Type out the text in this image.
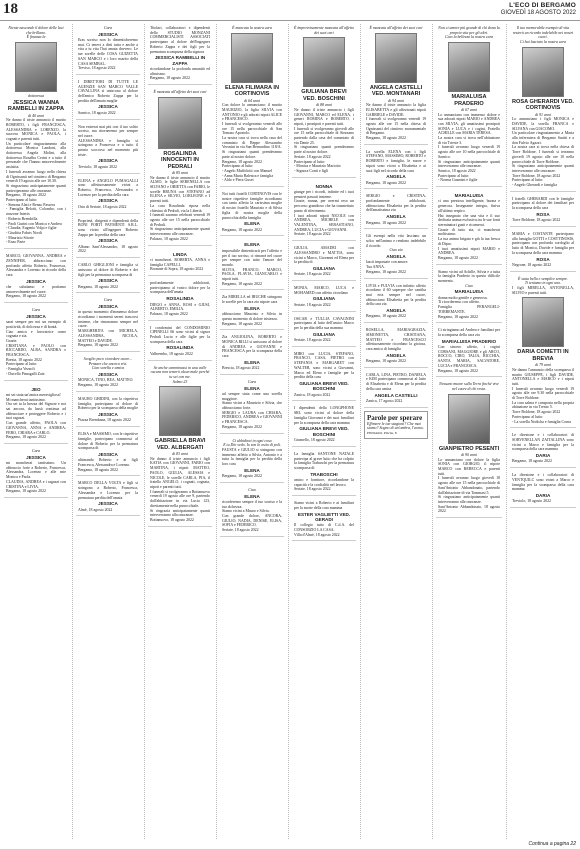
18	L'ECO DI BERGAMO
GIOVEDÌ 18 AGOSTO 2022
Niente nasconde il dolore delle luci che brillano.
È finanza la
dottoressa
JESSICA WANNA RAMBELLI IN ZAPPA
di 40 anni
Ne danno il triste annuncio il marito ROBERTO, i figli FRANCESCA, ALESSANDRA e LORENZO, la suocera MONICA e PAOLA, i cognati e parenti tutti.
Un particolare ringraziamento alla dottoressa Monica Landoni, alla dottoressa Angela Molini, alla dottoressa Rosalba Cerini e a tutto il personale che l'hanno amorevolmente assistita.
I funerali avranno luogo nella chiesa di Ognissanti nel cimitero di Bergamo venerdì 19 agosto alle ore 10.30.
Si ringraziano anticipatamente quanti parteciperanno alle onoranze.
Bergamo, 18 agosto 2022
Partecipano al lutto:
- Simona Alati e Renzo Passera
- Famiglia Belotti, Colombo, con i ronzone Interix
- Roberto Brembilla
- Paoli Gurini con Monica e Andrea
- Claudia, Eugenio Volpi e figlie
- Giuditta Fabris Nordi
- Maurizio Stiorie
- Enzo Parte
MARCO, GIOVANNA, ANDREA e ZENNIFER, abbracciano con profondo affetto Roberto, Francesca, Alessandra e Lorenzo in ricordo della cara
JESSICA
che salutiamo e portiamo amorevolmente nel cuore.
Bergamo, 18 agosto 2022
Cara
JESSICA
sarai sempre per noi un esempio di positività, di dolcezza e di bontà.
Ciao amica e lavoratrice come cognata e zia.
Grazie.
CRISTIANA e PAOLO con RICCARDO, ALBA, SANDRA e FRANCESCA.
Brezia, 18 agosto 2022
Partecipano al lutto:
- Famiglia Vezzoli
- Duvello Pimagalli Zaiz
JEO
mi sei stata un'amica meravigliosa!
Mi mancherai tantissimo.
Ora sei tu la brezza del Signore e noi sai ancora, da lassù continua ad abbracciare e proteggere Roberto e i tuoi ragazzi.
Con grande affetto, PAOLA con GIOVANNA, ANNA e ANDREA; FEBO, CHIARA e CARLO.
Bergamo, 18 agosto 2022
Cara
JESSICA
mi mancherai tantissimo. Un abbraccio forte a Roberto, Francesca, Alessandra, Lorenzo e alle mie Monica e Paola.
CLAUDIA, ANDREA e i ragazzi con CRISTINA e LIVIA.
Bergamo, 18 agosto 2022
Cara
JESSICA
Eras sorriso non lo dimenticheremo mai. Ci tenevi a dirti tutta e anche a vita a tu vita l'hai amata davvero. Le tue sorelle delle COSA GUIZETTA SAN MARCO e i loro marito della CASA SEMBAL.
Treviso, 18 agosto 2022
I DIRETTORI DI TUTTE LE AGENZIE SAN MARCO VALLE CAVALLINA si uniscono al dolore dell'amico Roberto Zappa per la perdita dell'amata moglie
JESSICA
Sarnico, 18 agosto 2022
Non entrerai mai più con il tuo solito sorriso, ma ritorneremo per sempre nel cuore.
ALESSANDRA e famiglia si stringono a Francesca e a tutto il pronto soccorso nel momento più triste.
JESSICA
Treviolo, 18 agosto 2022
ELENA e ANGELO FUMAGALLI sono affettuosamente vicini a Roberto, Francesca, Alessandra e Lorenzo per la perdita della cara
JESSICA
Oria di Seriate, 18 agosto 2022
Proprietà, dirigenti e dipendenti della BONI FORTI PAYMENTI S.R.L. sono vicini all'ingegner Roberto Zappa per la perdita della cara
JESSICA
Albano Sant'Alessandro, 18 agosto 2022
CARLO GHIGLIONI e famiglia si uniscono al dolore di Roberto e dei figli per la prematura scomparsa di
JESSICA
Bergamo, 18 agosto 2022
Cara
JESSICA
in questo momento d'immenso dolore ricordiamo i momenti sereni trascorsi insieme, che rimarranno sempre nel cuore.
MARGHERITA con MICHELA, ALESSANDRA, NICOLA, MATTEO e DAVIDE.
Bergamo, 18 agosto 2022
Scoglio poco ricordare cuore... Pensare che ancora vivi.
Ciao sorella e amica
JESSICA
MONICA, TINO, BEA, MATTEO.
Bergamo, 18 agosto 2022
MAURO GHIDINI, con la rispettiva famiglia, partecipano al dolore di Roberto per la scomparsa della moglie
JESSICA
Piazza Brembana, 18 agosto 2022
ELISA e MASSIMO, con le rispettive famiglie, partecipano commossi al dolore di Roberto per la prematura scomparsa di
JESSICA
ultimando Roberto e ai figli Francesca, Alessandra e Lorenzo.
Bergamo, 18 agosto 2022
MARCO DELLA VOLTA e figli si stringono a Roberto, Francesca, Alessandra e Lorenzo per la prematura perdita dell'amata
JESSICA
Almè, 18 agosto 2022
Titolari, collaboratori e dipendenti dello STUDIO MONZANI COMMERCIALISTI ASSOCIATI partecipano al dolore dell'ingegner Roberto Zappa e dei figli per la prematura scomparsa della signora
JESSICA RAMBELLI IN ZAPPA
ricordandone la profonda umanità ed altruismo.
Bergamo, 18 agosto 2022
È mancata all'affetto dei suoi cari
ROSALINDA INNOCENTI IN PEDRALI
di 85 anni
Ne danno il triste annuncio il marito ALMO, le figlie SERENELLA con SILVANO e ORIETTA con FABIO, le sorelle BRUNA con STEFANO ad ELENA e SILVIO, LORLEONE e I parenti tutti.
La cara Rosalinda riposa nella chiesina di Pedrali, via la Libertà.
I funerali saranno celebrati venerdì 19 agosto alle ore 15 nella parrocchiale di Pedrali.
Si ringraziano anticipatamente quanti interverranno alle onoranze.
Palazzo, 18 agosto 2022
LINDA
ci mancherai. ROBERTA, ANNA e famiglia CAPELLI.
Bromate di Sopra, 18 agosto 2022
profondamente addolorati, partecipiamo al vostro dolore per la scomparsa dell'amata
ROSALINDA
DIEGO e ANNA, ROSI e GIUSI, ALBERTO, EMILIA.
Palazzo, 18 agosto 2022
I condomini del CONDOMINIO CIPINELLI 66 sono vicini al signor Pedrali Lucio e alle figlie per la scomparsa della cara
ROSALINDA
Valbrembo, 18 agosto 2022
Se anche camminassi in una valle oscura non temerò alcun male perché tu sei con me.
Salmo 23
GABRIELLA BRAVI VED. ALBERGATI
di 83 anni
Ne danno il triste annuncio i figli KATIA con GIOVANNI, FABIO con MARTINA, i nipoti MATTEO, PAOLO, GIULIA, ALESSIA e NICOLE, le sorelle CARLA, PIA, il fratello ANGELO, i cognati, cognata, nipoti e parenti tutti.
I funerali si svolgeranno a Bottanuovo venerdì 19 agosto alle ore 9, partendo dall'abitazione in via Lucia 123, direttamente nella parrocchiale.
Si ringrazia anticipatamente quanti interverranno alla onoranze.
Bottanuovo, 18 agosto 2022
È mancata la nostra cara
ELENA FILIMARA IN CORTINOVIS
di 64 anni
Con dolore lo annunciano: il marito MAURIZIO, la figlia SILVIA con ANTONIO e gli adorati nipoti ALICE e FRANCESCO.
I funerali si svolgeranno venerdì alle ore 15 nella parrocchiale di San Tomaso Apostolo.
La nostra cara si trova nella casa del commiato di Beppe Alessandro Versnini in via San Bernardino 118/A.
Si ringraziano quanti prenderanno parte al nostro dolore.
Bergamo, 18 agosto 2022
Partecipano al lutto:
- Angelo Muffolotti con Manuel
- Anna Maria Balestra e famiglia
- Aldo e Piera Gusei
Noi tutti fratelli CORTINOVIS con le nostre rispettive famiglie ricordiamo con tanto affetto la carissima moglie di nostro fratello Maurizio e di Silvia figlia di nostra moglie della parrocchia della famiglia
ELENA
Bergamo, 18 agosto 2022
ELENA
impossibile dimenticarti per l'affetto e per il tuo sorriso, ci rimarrà nel cuore per sempre con tutto l'amore del mondo.
SILVIA, FRANCO, MARCO, PAOLA, FLAVIA, GIANCARLO e nipoti tutti.
Bergamo, 18 agosto 2022
Zia MIRELLA ed IRUCHE stringono le sorelle per la cara zio nipote cara
ELENA
abbracciano Maurizio e Silvia in questo momento di dolore tristezza.
Bergamo, 18 agosto 2022
Zia ANGIOLINA, ROBERTO e MONICA RILLI si uniscono al dolore di ANDREA e GIOVANNI e FRANCESCA per la scomparsa della cara
ELENA
Brescia, 18 agosto 2022
Cara
ELENA
ad sempre stata come una sorella maggiore.
Siamo vicini a Maurizio e Silvia, che abbracciamo forte.
SERGIO e LAURA con CHIARA, FEDERICO, ANDREA e GIOVANNI e FRANCESCA.
Bergamo, 18 agosto 2022
Ci ubbidirai in ogni cosa
E tu Dio vedo. Io son lo ostio di poli.
FAUSTA e GIULIO si stringono con immenso affetto a Silvia, Antonio e a tutta la famiglia per la perdita della loro cara
ELENA
Bergamo, 18 agosto 2022
Ciao
ELENA
ricorderemo sempre il tuo sorriso e la tua dolcezza.
Siamo vicini a Mauro e Silvia.
Con grande dolore, ANCORA, GIULIO, NADIA, DENISE, ELISA, SOFIA e FEDERICO.
Seriate, 18 agosto 2022
È improvvisamente mancata all'affetto dei suoi cari
GIULIANA BREVI VED. BOSCHINI
di 88 anni
Ne danno il triste annuncio i figli GIOVANNI, MARCO ed ELENA, i generi ROMINA e ROBERTO, i nipoti, i pronipoti e parenti tutti.
I funerali si svolgeranno giovedì alle ore 15 nella parrocchiale di Stezzano partendo dalla casa del commiato di via Dante 25.
Si ringraziano quanti prenderanno parte al nostro dolore.
Seriate, 18 agosto 2022
Partecipano al lutto:
- Monica e Maurizio Mariotto
- Signora Conti e figli
NONNA
giunge per i ricordi, infinite ed i tuoi pensieri passati insieme.
Grazie, nonna, per avermi reso un percorso grandioso che ha trasmettuto punto di riferimento.
I tuoi adorati nipoti NICOLE con ANDREA, MICHELE con VALENTINA, SEBASTIANO, ANDREA, LUCIA e GIOVANNI.
Seriate, 18 agosto 2022
GIULIA, AMADEI con ALESSANDRO e MATTIA, sono vicini a Marco, Giovanni ed Elena per la perdita di
GIULIANA
Seriate, 18 agosto 2022
MONIA, MARCO, LUCA e MOHAMED con affetto ricordano
GIULIANA
Seriate, 18 agosto 2022
OSCAR e TULLIA CAVAGNINI partecipano al lutto dell'amico Marco per la perdita della sua mamma
GIULIANA
Seriate, 18 agosto 2022
MIRO con LUCIA, STEFANO, FRANCO, CASA, PIETRO con STEFANIA e MARGARET con WALTER, sono vicini a Giovanni, Marco ed Elena e famiglie per la perdita della cara
GIULIANA BREVI VED. BOSCHINI
Zanica, 18 agosto 2022
I dipendenti della LONGPHONE SRL sono vicini al dolore della famiglia Giovanni e dei suoi familiari per la scomparsa della cara mamma
GIULIANA BREVI VED. BOSCHINI
Grumello, 18 agosto 2022
La famiglia SANTONE NATALE partecipa al grave lutto che ha colpito la famiglia Trabuschi per la prematura scomparsa di
TRABOSCHI
amico e fornitore, ricordandone la capacità e la cordialità nel lavoro.
Seriate, 18 agosto 2022
Siamo vicini a Roberto e ai familiari per la morte della cara mamma
ESTER VAGLIETTI VED. GERADI
Il collegio tutto di C.d.A. del CONSORZIO LA CASA.
Villa d'Almè, 18 agosto 2022
È mancata all'affetto dei suoi cari
ANGELA CASTELLI VED. MONTANARI
di 94 anni
Ne danno il triste annuncio la figlia ELISABETTA e gli affezionati nipoti GABRIELE e DAVIDE.
I funerali si svolgeranno venerdì 19 agosto alle ore 15 nella chiesa di Ognissanti del cimitero monumentale di Bergamo.
Bergamo, 18 agosto 2022
La sorella ELENA con i figli STEFANO, MASSIMO, ROBERTO e ROBERTO e famiglia, le nuore e nipoti sono vicini a Elisabetta e ai suoi figli nel ricordo della cara
ANGELA
Bergamo, 18 agosto 2022
SERGIO e CRISTINA, profondamente addolorati, abbracciano Elisabetta per la perdita dell'amatissima zia
ANGELA
Bergamo, 18 agosto 2022
Gli esempi nella vita lasciano un solco nell'anima e rendono indelebile il ricordo.
Ciao zia
ANGELA
lascit impastate con amore.
Tua ANNA.
Bergamo, 18 agosto 2022
LIVIA e FULVIA con infinito affetto ricordano il 60 superpre che cantiha mai erta sempre nel cuore, abbracciano Elisabetta per la perdita della cara zia
ANGELA
Bergamo, 18 agosto 2022
ROSELLA, MARIAGRAZIA, SIMONETTA, CRISTIANA, MATTEO e FRANCESCO affettuosamente ricordano la gioiosa, cara amica di famiglia
ANGELA
Bergamo, 18 agosto 2022
CARLA, LINA, PIETRO, DANIELA e KIM partecipano commossi al lutto di Elisabetta e di Elena per la perdita della cara amica
ANGELA CASTELLI
Zanica, 17 agosto 2022
Parole per sperare
Effimere le tue stagioni? Che mai siamo? Sogno di un'ombra, l'uomo.
PINDARO, Pitiche, 8
Non ci amore più grande di chi dona la propria vita per gli altri.
Ciao la bellezza la nostra cara
MARIALUISA PRADERIO
di 67 anni
Lo annunciano con immenso dolore e sua adorati nipoti MARIO e ANDREA con SILVIA, gli amatissimi pronipoti SONIA e LUCA e i cugini, Fratello ACHILLE con MARIA TERESA.
La nostra cara si trova nell'abitazione di via Trieste 3.
I funerali avranno luogo venerdì 19 agosto alle ore 10 nella parrocchiale di Sarnico.
Si ringraziano anticipatamente quanti interverranno alle onoranze.
Sarnico, 18 agosto 2022
Partecipano al lutto:
- Norma Gusmini e figlie
MARIALUISA
ci una preziosa intelligente, buona e generosa. Insegnante integra, finiva all'ultimo respiro.
Hai insegnato che una vita e il suo dedicata anima esclusiva.tra le sue fonti sterminatori gusti e ricamerai.
Grazie di tutto zia, ci mancherai moltissimo.
La tua anima brigata e già la tua fresca di Dipro.
I tuoi amatissimi nipoti MARIO e ANDREA.
Bergamo, 18 agosto 2022
Siamo vicini ad Achille, Silvia e a tutta la famiglia Praderio in questo difficile momento.
Ciao
MARIALUISA
donna molto gentile e generosa.
Ti ricorderemo con affetto.
Famiglia PERANGELI-TORREMANTE.
Bergamo, 18 agosto 2022
Ci stringiamo ad Andrea e familiari per la scomparsa della cara zia
MARIALUISA PRADERIO
Con sincero affetto, i cugini CORSANI, MAGGIORE e gli ARCO, ROCCO, CIRO, TALIA, RICCHIA, SANTA MARIA, SALVATORE, LUCIA e FRANCESCA.
Bergamo, 18 agosto 2022
Nessuno muore sulla Terra finché vive nel cuore di chi resta.
GIANPIETRO PESENTI
di 90 anni
Lo annunciano con dolore la figlia SONIA con GIORGIO, il nipote MARCO con REBECCA e parenti tutti.
I funerali avranno luogo giovedì 18 agosto alle ore 15 nella parrocchiale di Sant'Antonio Abbandonato, partendo dall'abitazione di via Tommasi 5.
Si ringraziano anticipatamente quanti interverranno alle onoranze.
Sant'Antonio Abbandonato, 18 agosto 2022
Il tuo memorabile esempio di vita resterà un ricordo indelebile nei nostri cuori.
Ci hai lasciato la nostra cara
ROSA GHERARDI VED. CORTINOVIS
di 91 anni
Lo annunciano i figli MONICA e DAVIDE, la sorella FRANCA e SILVANA con GIACOMO.
Un particolare ringraziamento a Maria alla infermiera di Bergamo Saritti e a don Fulvio Agazzi.
La nostra cara si trova nella chiesa di Torre Boldone. I funerali si terranno giovedì 19 agosto alle ore 10 nella parrocchiale di Torre Boldone.
Si ringraziano anticipatamente quanti interverranno alle onoranze.
Torre Boldone, 18 agosto 2022
Partecipano al lutto:
- Angelo Gherardi e famiglia
I fratelli GHERARDI con le famiglie partecipano al dolore dei familiari per la scomparsa della cara
ROSA
Torre Boldone, 18 agosto 2022
MARIA e COSTANTE partecipano alla famiglia GOTTI e COSTTINOSIS, partecipano con profondo cordoglio al lutto di Monica, Davide e famiglia per la scomparsa della cara mamma
ROSA
Negrone, 18 agosto 2022
È stata bella e semplice sempre.
Ti teniamo in ogni uno.
I figli MIRELLA, ANTONELLA, SILVIO e parenti tutti.
DARIA COMETTI IN BREVIA
di 79 anni
Ne danno l'annuncio della scomparsa il marito GIUSEPPE, i figli DAVIDE, ANTONELLA e MARCO e i nipoti tutti.
I funerali avranno luogo venerdì 19 agosto alle ore 9.30 nella parrocchiale di Torre Boldone.
La cara salma è composta nella propria abitazione in via Trento 5.
Torre Boldone, 18 agosto 2022
Partecipano al lutto:
- La sorella Nodicha e famiglia Corna
Le direzione e i collaboratori di SORVENELLAN ZAITALLINA sono vicini a Marco e famiglia per la scomparsa della cara mamma
DARIA
Bergamo, 18 agosto 2022
La direzione e i collaboratori di VENTQUILC sono vicini a Marco e famiglia per la scomparsa della cara mamma
DARIA
Treviolo, 18 agosto 2022
Continua a pagina 22
